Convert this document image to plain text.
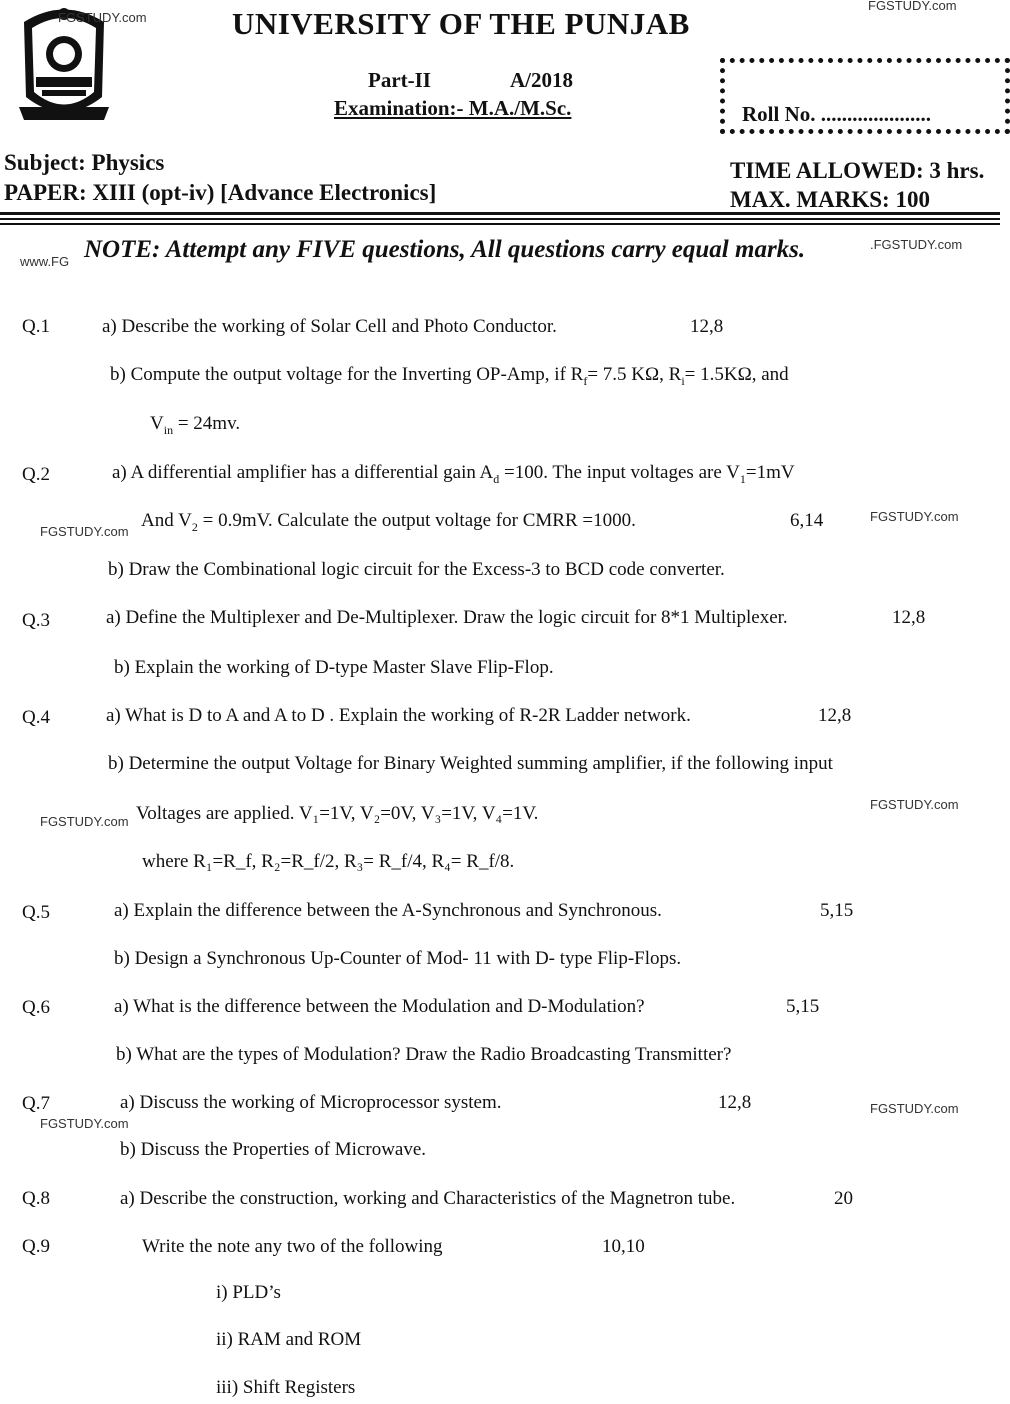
FGSTUDY.com
FGSTUDY.com
UNIVERSITY OF THE PUNJAB
Part-II	A/2018
Examination:- M.A./M.Sc.	Roll No. .....................
Subject: Physics
PAPER: XIII (opt-iv) [Advance Electronics]
TIME ALLOWED: 3 hrs.
MAX. MARKS: 100
www.FG NOTE: Attempt any FIVE questions, All questions carry equal marks.	.FGSTUDY.com
Q.1	a) Describe the working of Solar Cell and Photo Conductor.	12,8
b) Compute the output voltage for the Inverting OP-Amp, if $R_f= 7.5$ KΩ, $R_i= 1.5K\Omega$, and
$V_{in} = 24mv$.
Q.2	a) A differential amplifier has a differential gain $A_d =100$. The input voltages are $V_1=1mV$
FGSTUDY.com
And $V_2 = 0.9mV$. Calculate the output voltage for CMRR =1000.	6,14	FGSTUDY.com
b) Draw the Combinational logic circuit for the Excess-3 to BCD code converter.
Q.3	a) Define the Multiplexer and De-Multiplexer. Draw the logic circuit for 8*1 Multiplexer.	12,8
b) Explain the working of D-type Master Slave Flip-Flop.
Q.4	a) What is D to A and A to D . Explain the working of R-2R Ladder network.	12,8
b) Determine the output Voltage for Binary Weighted summing amplifier, if the following input
FGSTUDY.com Voltages are applied. V₁=1V, V₂=0V, V₃=1V, V₄=1V.	FGSTUDY.com
where R₁=R_f, R₂=R_f/2, R₃= R_f/4, R₄= R_f/8.
Q.5	a) Explain the difference between the A-Synchronous and Synchronous.	5,15
b) Design a Synchronous Up-Counter of Mod- 11 with D- type Flip-Flops.
Q.6	a) What is the difference between the Modulation and D-Modulation?	5,15
b) What are the types of Modulation? Draw the Radio Broadcasting Transmitter?
Q.7
FGSTUDY.com
a) Discuss the working of Microprocessor system.	12,8	FGSTUDY.com
b) Discuss the Properties of Microwave.
Q.8	a) Describe the construction, working and Characteristics of the Magnetron tube.	20
Q.9	Write the note any two of the following	10,10
i) PLD’s
ii) RAM and ROM
iii) Shift Registers
